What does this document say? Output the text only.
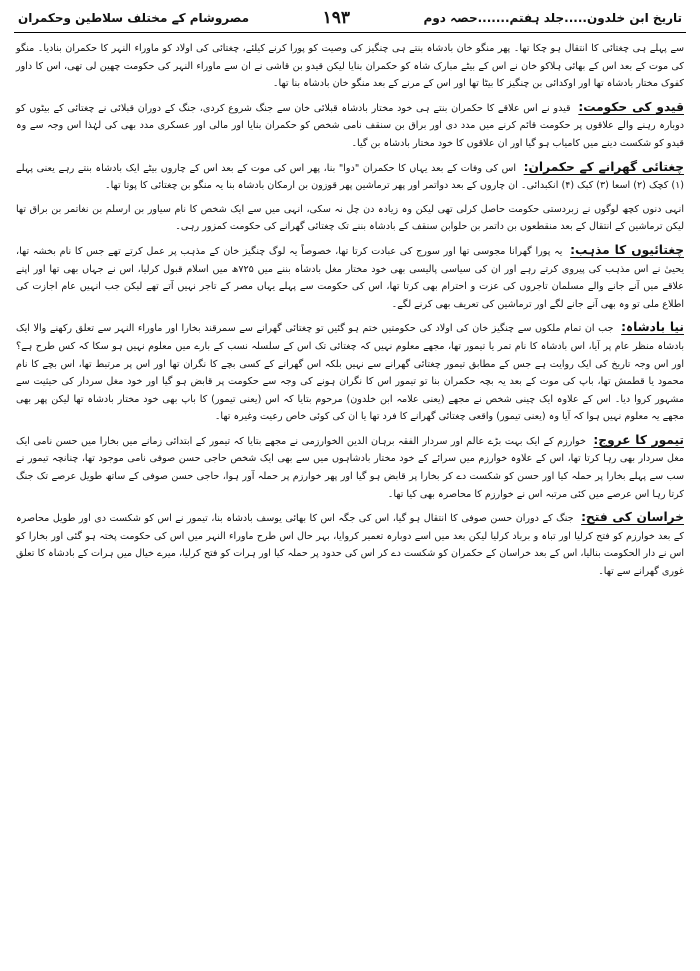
تاریخ ابن خلدون.....جلد ہفتم.......حصہ دوم
۱۹۳
مصروشام کے مختلف سلاطین وحکمران

سے پہلے ہی چغتائی کا انتقال ہو چکا تھا۔ پھر منگو خان بادشاہ بنتے ہی چنگیز کی وصیت کو پورا کرنے کیلئے، چغتائی کی اولاد کو ماوراء النہر کا حکمران بنادیا۔ منگو کی موت کے بعد اس کے بھائی ہلاکو خان نے اس کے بیٹے مبارک شاہ کو حکمران بنایا لیکن قیدو بن قاشی نے ان سے ماوراء النہر کی حکومت چھین لی تھی، اس کا داور کفوک مختار بادشاہ تھا اور اوکدائی بن چنگیز کا بیٹا تھا اور اس کے مرنے کے بعد منگو خان بادشاہ بنا تھا۔

قیدو کی حکومت: قیدو نے اس علاقے کا حکمران بنتے ہی خود مختار بادشاہ قبلائی خان سے جنگ شروع کردی، جنگ کے دوران قبلائی نے چغتائی کے بیٹوں کو دوبارہ رہنے والے علاقوں پر حکومت قائم کرنے میں مدد دی اور براق بن سنقف نامی شخص کو حکمران بنایا اور مالی اور عسکری مدد بھی کی لہٰذا اس وجہ سے وہ قیدو کو شکست دینے میں کامیاب ہو گیا اور ان علاقوں کا خود مختار بادشاہ بن گیا۔

چغتائی گھرانے کے حکمران: اس کی وفات کے بعد یہاں کا حکمران "دوا" بنا، پھر اس کی موت کے بعد اس کے چاروں بیٹے ایک بادشاہ بنتے رہے یعنی پہلے (۱) کچک (۲) اسعا (۳) کبک (۴) انکبدائی۔ ان چاروں کے بعد دواتمر اور پھر ترماشین پھر قوزون بن ارمکان بادشاہ بنا یہ منگو بن چغتائی کا پوتا تھا۔

انہی دنوں کچھ لوگوں نے زبردستی حکومت حاصل کرلی تھی لیکن وہ زیادہ دن چل نہ سکی، انہی میں سے ایک شخص کا نام سیاور بن ارسلم بن نغاتمر بن براق تھا لیکن ترماشین کے انتقال کے بعد منقطعوں بن داتمر بن حلوابن سنقف کے بادشاہ بننے تک چغتائی گھرانے کی حکومت کمزور رہی۔

چغتائیوں کا مذہب: یہ پورا گھرانا مجوسی تھا اور سورج کی عبادت کرتا تھا، خصوصاً یہ لوگ چنگیز خان کے مذہب پر عمل کرتے تھے جس کا نام بخشہ تھا، یحییٰ نے اس مذہب کی پیروی کرتے رہے اور ان کی سیاسی پالیسی بھی خود مختار مغل بادشاہ بننے میں ۷۲۵ھ میں اسلام قبول کرلیا، اس نے جہاں بھی تھا اور اپنے علاقے میں آنے جانے والے مسلمان تاجروں کی عزت و احترام بھی کرتا تھا، اس کی حکومت سے پہلے یہاں مصر کے تاجر نہیں آتے تھے لیکن جب انہیں عام اجازت کی اطلاع ملی تو وہ بھی آنے جانے لگے اور ترماشین کی تعریف بھی کرنے لگے۔

نیا بادشاہ: جب ان تمام ملکوں سے چنگیز خان کی اولاد کی حکومتیں ختم ہو گئیں تو چغتائی گھرانے سے سمرقند بخارا اور ماوراء النہر سے تعلق رکھنے والا ایک بادشاہ منظر عام پر آیا، اس بادشاہ کا نام تمر یا تیمور تھا، مجھے معلوم نہیں کہ چغتائی تک اس کے سلسلہ نسب کے بارے میں معلوم نہیں ہو سکا کہ کس طرح ہے؟ اور اس وجہ تاریخ کی ایک روایت ہے جس کے مطابق تیمور چغتائی گھرانے سے نہیں بلکہ اس گھرانے کے کسی بچے کا نگران تھا اور اس پر مرتبط تھا، اس بچے کا نام محمود یا قطمش تھا، باپ کی موت کے بعد یہ بچہ حکمران بنا تو تیمور اس کا نگران ہونے کی وجہ سے حکومت پر قابض ہو گیا اور خود مغل سردار کی حیثیت سے مشہور کروا دیا۔ اس کے علاوہ ایک چینی شخص نے مجھے (یعنی علامہ ابن خلدون) مرحوم بتایا کہ اس (یعنی تیمور) کا باپ بھی خود مختار بادشاہ تھا لیکن پھر بھی مجھے یہ معلوم نہیں ہوا کہ آیا وہ (یعنی تیمور) واقعی چغتائی گھرانے کا فرد تھا یا ان کی کوئی خاص رعیت وغیرہ تھا۔

تیمور کا عروج: خوارزم کے ایک بہت بڑے عالم اور سردار الفقہ برہان الدین الخوارزمی نے مجھے بتایا کہ تیمور کے ابتدائی زمانے میں بخارا میں حسن نامی ایک مغل سردار بھی رہا کرتا تھا، اس کے علاوہ خوارزم میں سرائے کے خود مختار بادشاہوں میں سے بھی ایک شخص حاجی حسن صوفی نامی موجود تھا، چنانچہ تیمور نے سب سے پہلے بخارا پر حملہ کیا اور حسن کو شکست دے کر بخارا پر قابض ہو گیا اور پھر خوارزم پر حملہ آور ہوا، حاجی حسن صوفی کے ساتھ طویل عرصے تک جنگ کرتا رہا اس عرصے میں کئی مرتبہ اس نے خوارزم کا محاصرہ بھی کیا تھا۔

خراسان کی فتح: جنگ کے دوران حسن صوفی کا انتقال ہو گیا، اس کی جگہ اس کا بھائی یوسف بادشاہ بنا، تیمور نے اس کو شکست دی اور طویل محاصرہ کے بعد خوارزم کو فتح کرلیا اور تباہ و برباد کرلیا لیکن بعد میں اسے دوبارہ تعمیر کروایا، بہر حال اس طرح ماوراء النہر میں اس کی حکومت پختہ ہو گئی اور بخارا کو اس نے دار الحکومت بنالیا، اس کے بعد خراسان کے حکمران کو شکست دے کر اس کی حدود پر حملہ کیا اور ہرات کو فتح کرلیا، میرے خیال میں ہرات کے بادشاہ کا تعلق غوری گھرانے سے تھا۔
